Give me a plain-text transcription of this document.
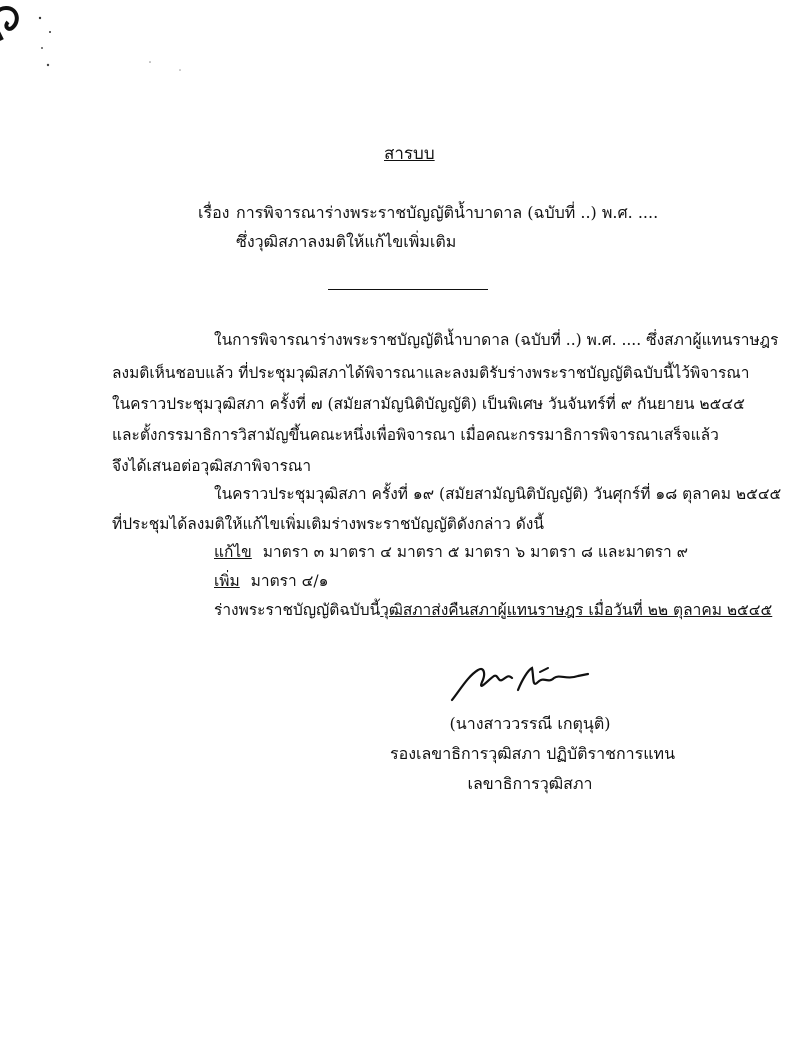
สารบบ
เรื่อง การพิจารณาร่างพระราชบัญญัติน้ำบาดาล (ฉบับที่ ..) พ.ศ. ....
ซึ่งวุฒิสภาลงมติให้แก้ไขเพิ่มเติม
ในการพิจารณาร่างพระราชบัญญัติน้ำบาดาล (ฉบับที่ ..) พ.ศ. .... ซึ่งสภาผู้แทนราษฎร
ลงมติเห็นชอบแล้ว ที่ประชุมวุฒิสภาได้พิจารณาและลงมติรับร่างพระราชบัญญัติฉบับนี้ไว้พิจารณา
ในคราวประชุมวุฒิสภา ครั้งที่ ๗ (สมัยสามัญนิติบัญญัติ) เป็นพิเศษ วันจันทร์ที่ ๙ กันยายน ๒๕๔๕
และตั้งกรรมาธิการวิสามัญขึ้นคณะหนึ่งเพื่อพิจารณา เมื่อคณะกรรมาธิการพิจารณาเสร็จแล้ว
จึงได้เสนอต่อวุฒิสภาพิจารณา
ในคราวประชุมวุฒิสภา ครั้งที่ ๑๙ (สมัยสามัญนิติบัญญัติ) วันศุกร์ที่ ๑๘ ตุลาคม ๒๕๔๕
ที่ประชุมได้ลงมติให้แก้ไขเพิ่มเติมร่างพระราชบัญญัติดังกล่าว ดังนี้
แก้ไข มาตรา ๓ มาตรา ๔ มาตรา ๕ มาตรา ๖ มาตรา ๘ และมาตรา ๙
เพิ่ม มาตรา ๔/๑
ร่างพระราชบัญญัติฉบับนี้วุฒิสภาส่งคืนสภาผู้แทนราษฎร เมื่อวันที่ ๒๒ ตุลาคม ๒๕๔๕
(นางสาววรรณี เกตุนุติ)
รองเลขาธิการวุฒิสภา ปฏิบัติราชการแทน
เลขาธิการวุฒิสภา
